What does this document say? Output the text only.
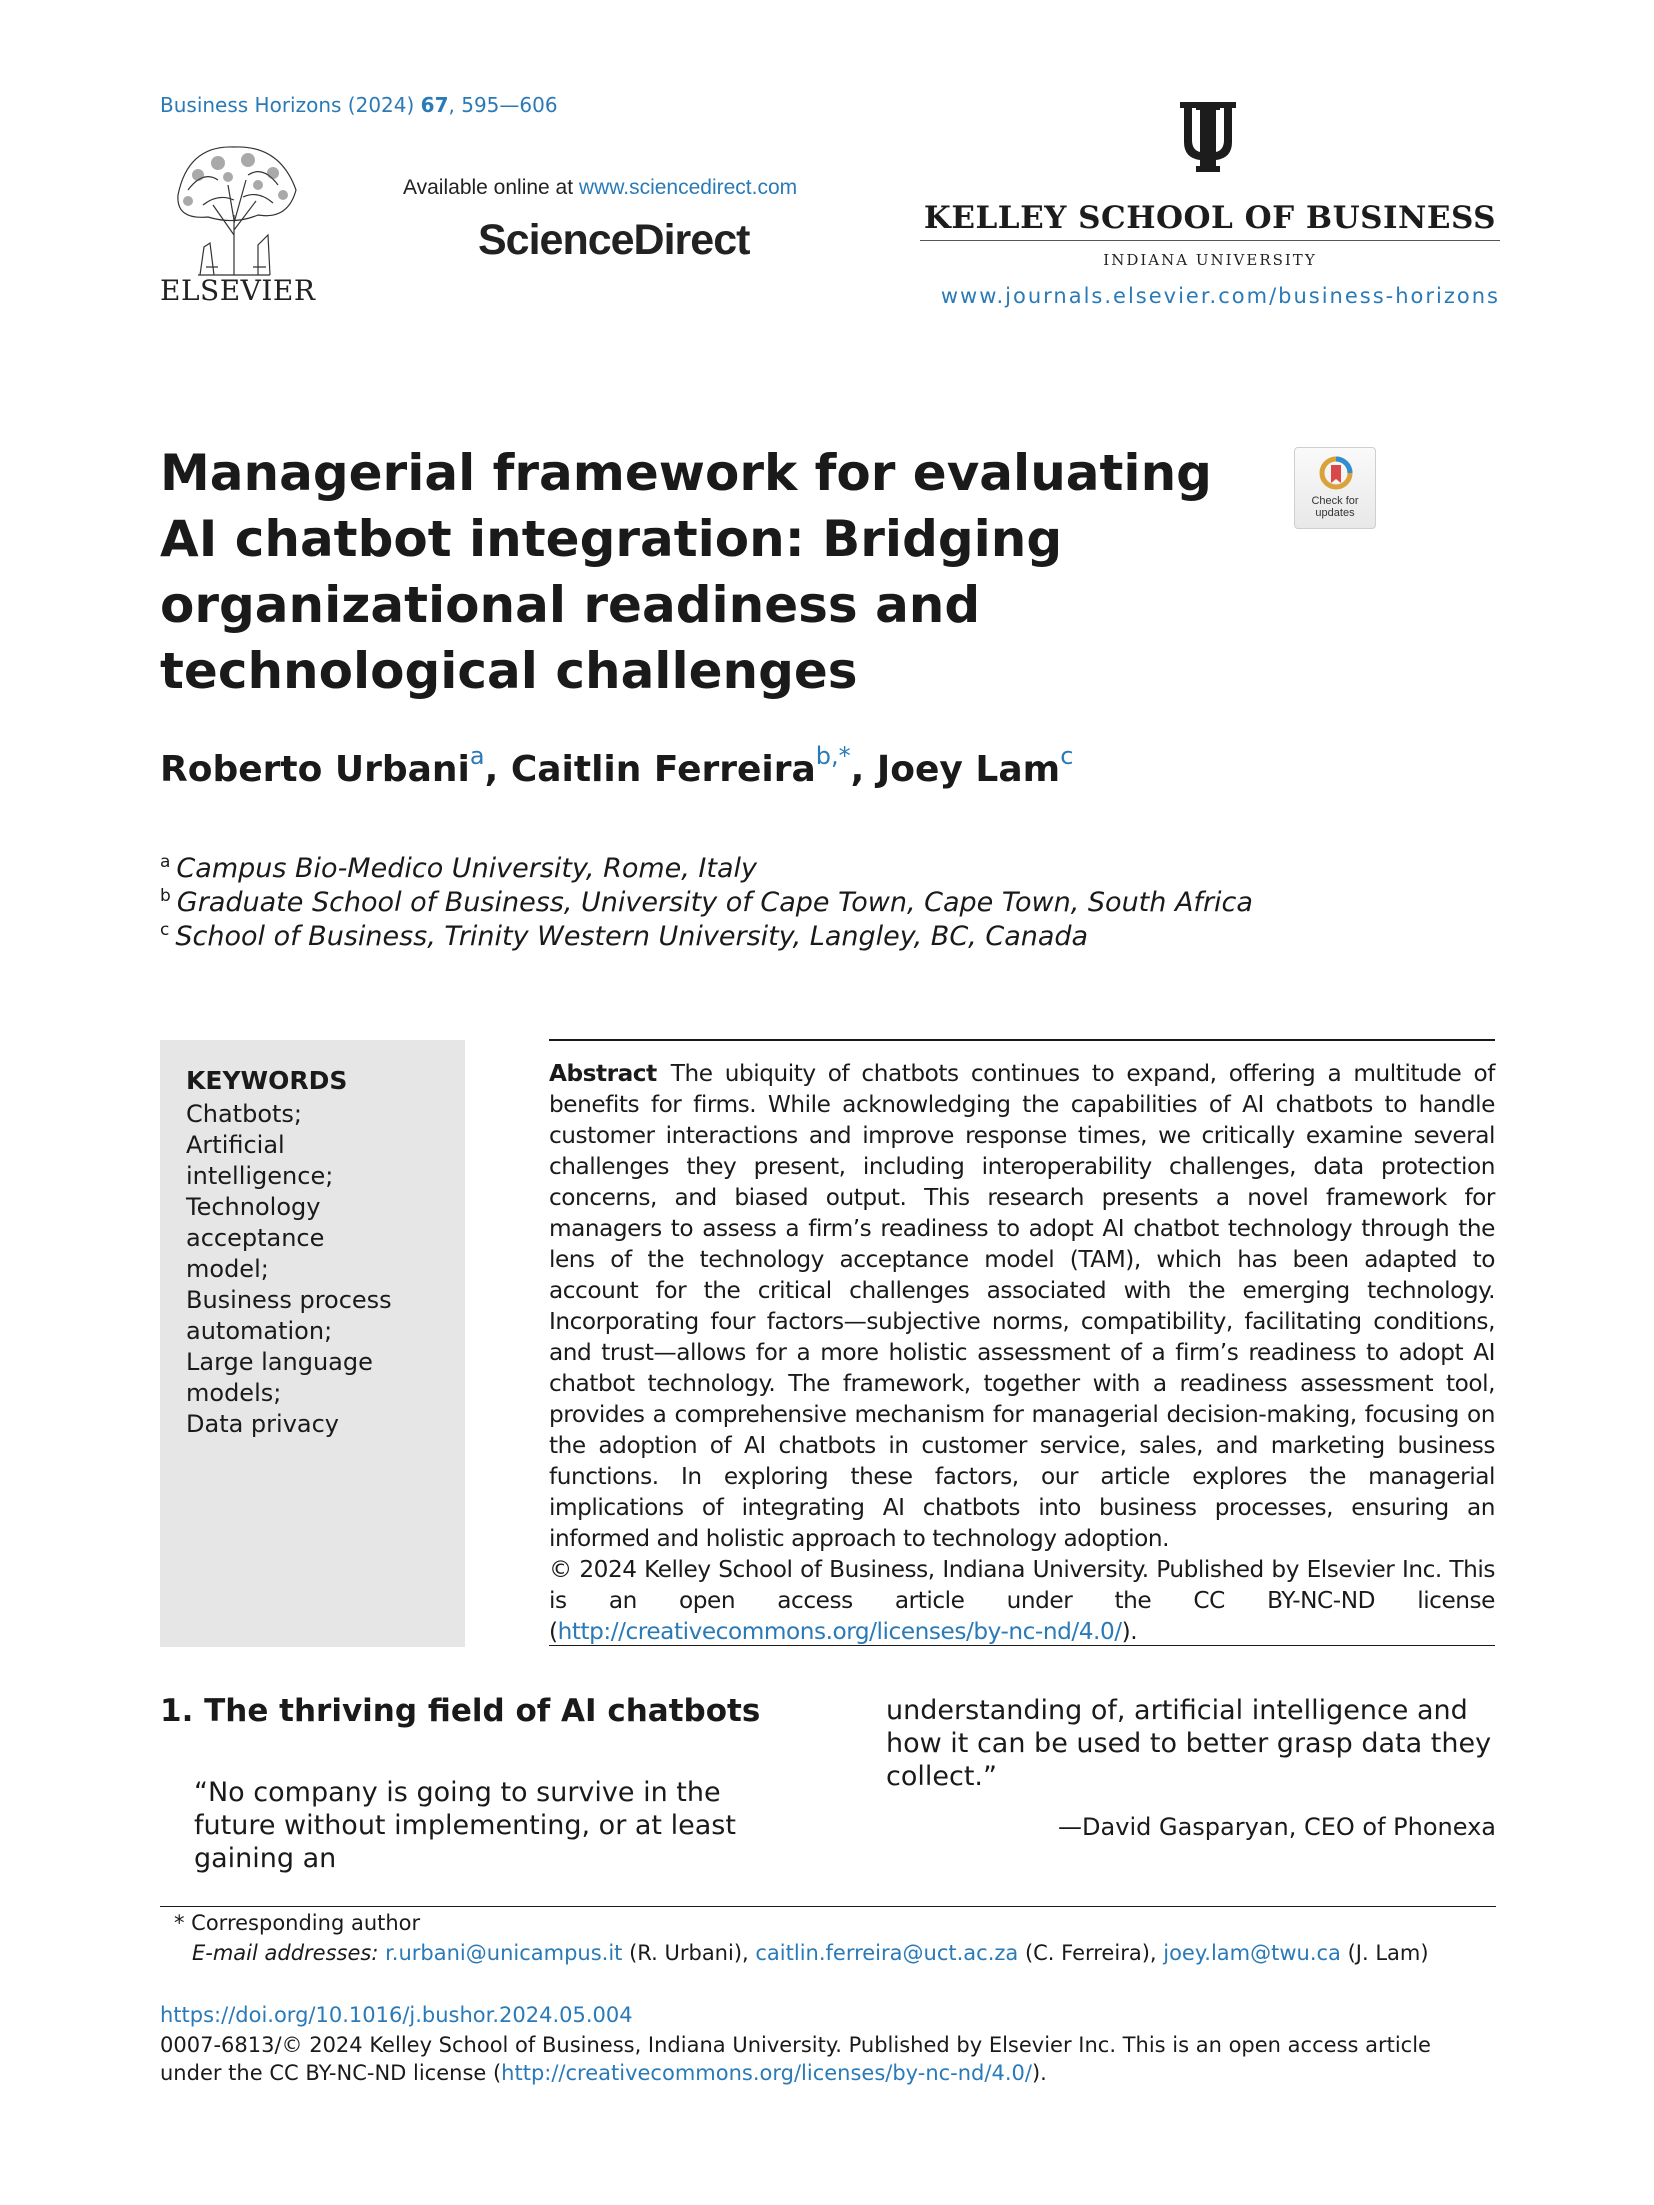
Business Horizons (2024) 67, 595—606
ELSEVIER
Available online at www.sciencedirect.com
ScienceDirect	KELLEY SCHOOL OF BUSINESS
INDIANA UNIVERSITY
www.journals.elsevier.com/business-horizons
Managerial framework for evaluating AI chatbot integration: Bridging organizational readiness and technological challenges
Check for
updates
Roberto Urbani$^a$, Caitlin Ferreira$^{b,*}$, Joey Lam$^c$
$^a$ Campus Bio-Medico University, Rome, Italy
$^b$ Graduate School of Business, University of Cape Town, Cape Town, South Africa
$^c$ School of Business, Trinity Western University, Langley, BC, Canada
KEYWORDS
Chatbots;
Artificial intelligence;
Technology acceptance
model;
Business process
automation;
Large language models;
Data privacy

Abstract The ubiquity of chatbots continues to expand, offering a multitude of benefits for firms. While acknowledging the capabilities of AI chatbots to handle customer interactions and improve response times, we critically examine several challenges they present, including interoperability challenges, data protection concerns, and biased output. This research presents a novel framework for managers to assess a firm’s readiness to adopt AI chatbot technology through the lens of the technology acceptance model (TAM), which has been adapted to account for the critical challenges associated with the emerging technology. Incorporating four factors—subjective norms, compatibility, facilitating conditions, and trust—allows for a more holistic assessment of a firm’s readiness to adopt AI chatbot technology. The framework, together with a readiness assessment tool, provides a comprehensive mechanism for managerial decision-making, focusing on the adoption of AI chatbots in customer service, sales, and marketing business functions. In exploring these factors, our article explores the managerial implications of integrating AI chatbots into business processes, ensuring an informed and holistic approach to technology adoption.

© 2024 Kelley School of Business, Indiana University. Published by Elsevier Inc. This is an open access article under the CC BY-NC-ND license (http://creativecommons.org/licenses/by-nc-nd/4.0/).

1. The thriving field of AI chatbots
“No company is going to survive in the future without implementing, or at least gaining an
understanding of, artificial intelligence and how it can be used to better grasp data they collect.”
—David Gasparyan, CEO of Phonexa
* Corresponding author
E-mail addresses: r.urbani@unicampus.it (R. Urbani), caitlin.ferreira@uct.ac.za (C. Ferreira), joey.lam@twu.ca (J. Lam)
https://doi.org/10.1016/j.bushor.2024.05.004
0007-6813/© 2024 Kelley School of Business, Indiana University. Published by Elsevier Inc. This is an open access article under the CC BY-NC-ND license (http://creativecommons.org/licenses/by-nc-nd/4.0/).
